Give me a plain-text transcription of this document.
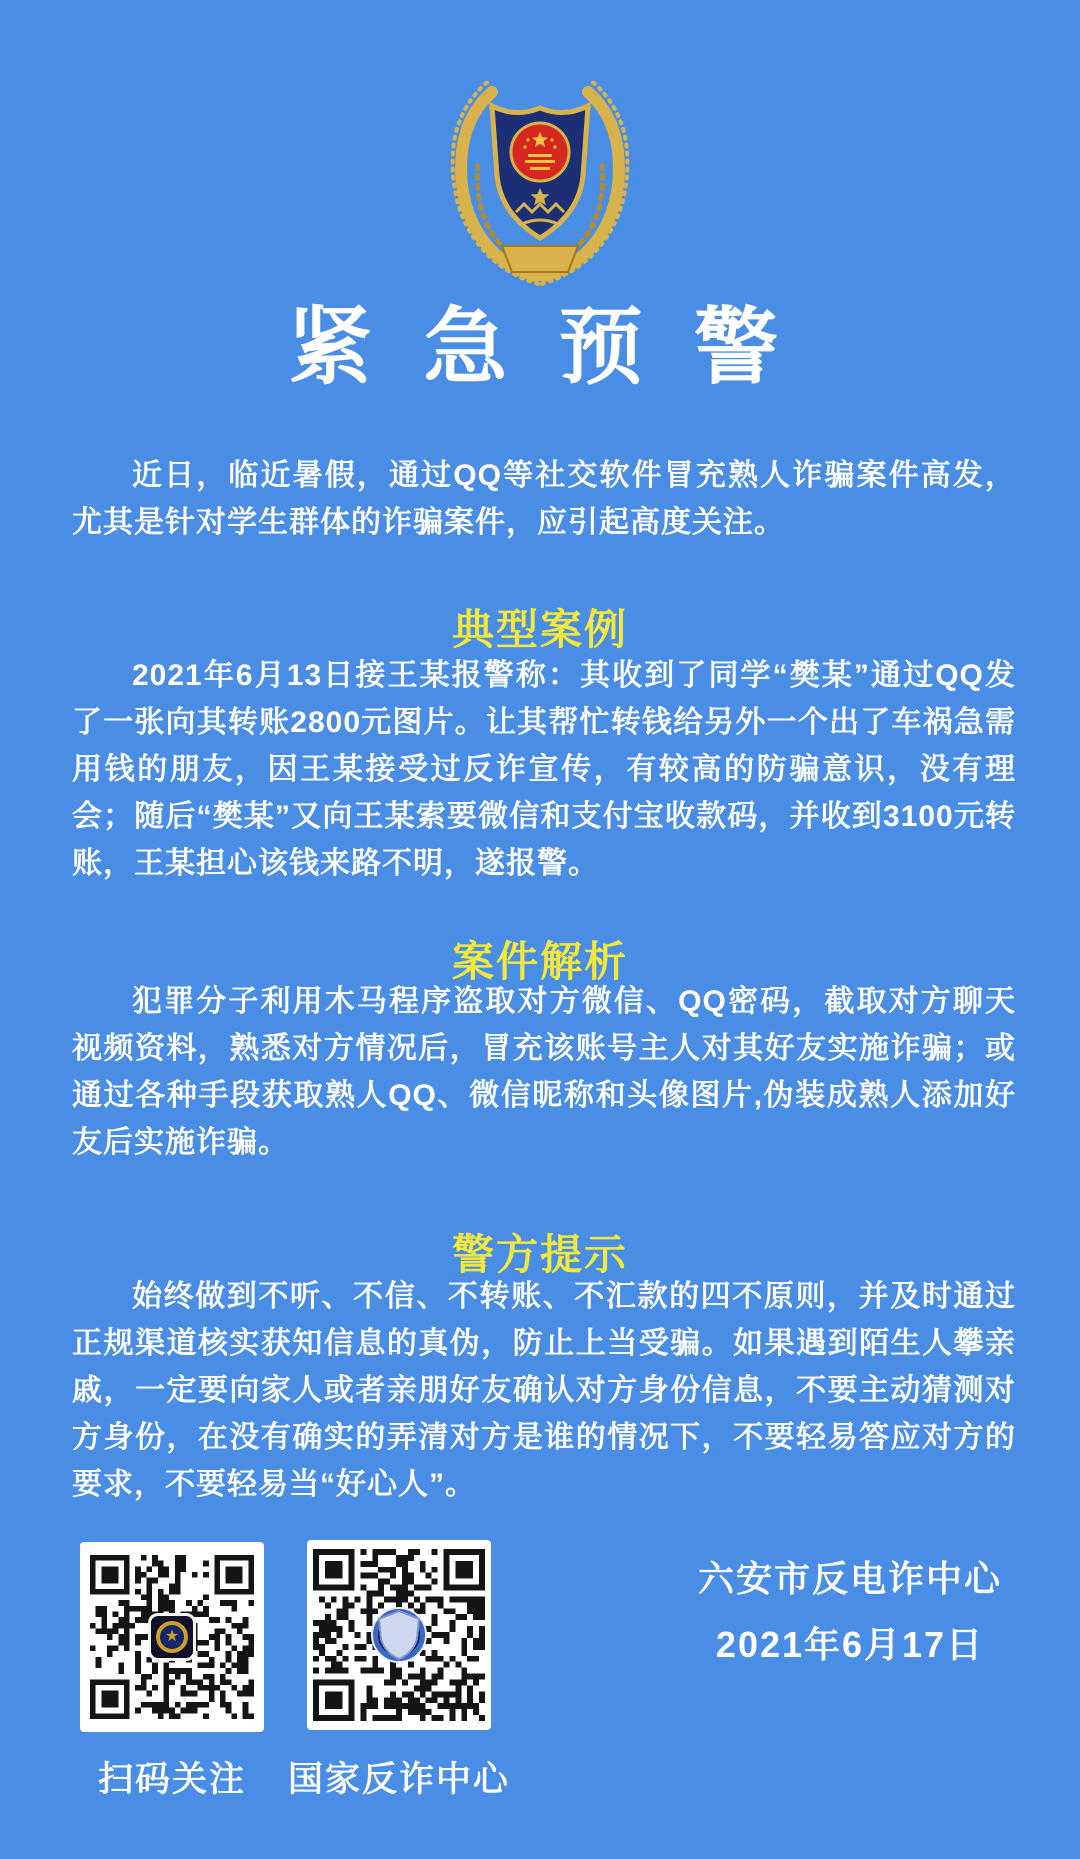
紧 急 预 警

近日，临近暑假，通过QQ等社交软件冒充熟人诈骗案件高发，尤其是针对学生群体的诈骗案件，应引起高度关注。

典型案例

2021年6月13日接王某报警称：其收到了同学“樊某”通过QQ发了一张向其转账2800元图片。让其帮忙转钱给另外一个出了车祸急需用钱的朋友，因王某接受过反诈宣传，有较高的防骗意识，没有理会；随后“樊某”又向王某索要微信和支付宝收款码，并收到3100元转账，王某担心该钱来路不明，遂报警。

案件解析

犯罪分子利用木马程序盗取对方微信、QQ密码，截取对方聊天视频资料，熟悉对方情况后，冒充该账号主人对其好友实施诈骗；或通过各种手段获取熟人QQ、微信昵称和头像图片,伪装成熟人添加好友后实施诈骗。

警方提示

始终做到不听、不信、不转账、不汇款的四不原则，并及时通过正规渠道核实获知信息的真伪，防止上当受骗。如果遇到陌生人攀亲戚，一定要向家人或者亲朋好友确认对方身份信息，不要主动猜测对方身份，在没有确实的弄清对方是谁的情况下，不要轻易答应对方的要求，不要轻易当“好心人”。

★

扫码关注	国家反诈中心

六安市反电诈中心
2021年6月17日
